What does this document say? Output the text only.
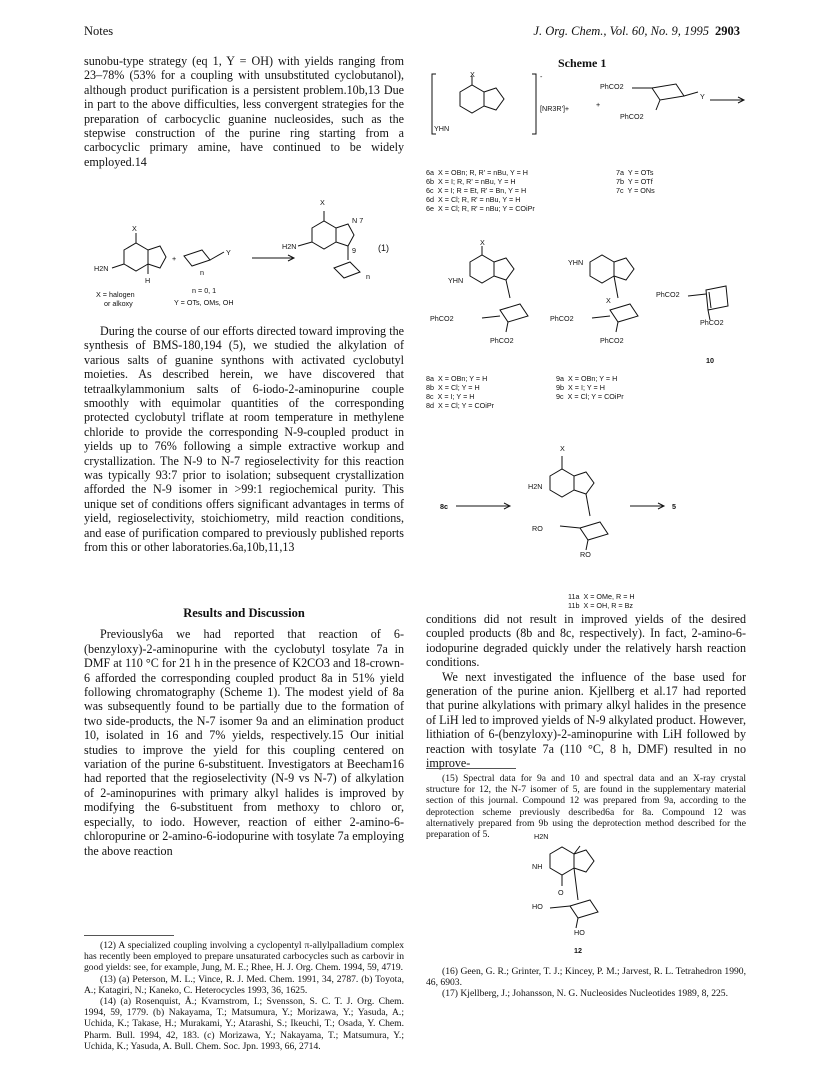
Notes	J. Org. Chem., Vol. 60, No. 9, 1995 2903

sunobu-type strategy (eq 1, Y = OH) with yields ranging from 23–78% (53% for a coupling with unsubstituted cyclobutanol), although product purification is a persistent problem.10b,13 Due in part to the above difficulties, less convergent strategies for the preparation of carbocyclic guanine nucleosides, such as the stepwise construction of the purine ring starting from a carbocyclic primary amine, have continued to be widely employed.14

X
N 7
H2N	9
n
X
H2N
H
+
Y
n
(1)
n = 0, 1
X = halogen
or alkoxy	Y = OTs, OMs, OH

During the course of our efforts directed toward improving the synthesis of BMS-180,194 (5), we studied the alkylation of various salts of guanine synthons with activated cyclobutyl moieties. As described herein, we have discovered that tetraalkylammonium salts of 6-iodo-2-aminopurine couple smoothly with equimolar quantities of the corresponding protected cyclobutyl triflate at room temperature in methylene chloride to provide the corresponding N-9-coupled product in yields up to 76% following a simple extractive workup and crystallization. The N-9 to N-7 regioselectivity for this reaction was typically 93:7 prior to isolation; subsequent crystallization afforded the N-9 isomer in >99:1 regiochemical purity. This unique set of conditions offers significant advantages in terms of yield, regioselectivity, stoichiometry, mild reaction conditions, and ease of purification compared to previously published reports from this or other laboratories.6a,10b,11,13

Results and Discussion

Previously6a we had reported that reaction of 6-(benzyloxy)-2-aminopurine with the cyclobutyl tosylate 7a in DMF at 110 °C for 21 h in the presence of K2CO3 and 18-crown-6 afforded the corresponding coupled product 8a in 51% yield following chromatography (Scheme 1). The modest yield of 8a was subsequently found to be partially due to the formation of two side-products, the N-7 isomer 9a and an elimination product 10, isolated in 16 and 7% yields, respectively.15 Our initial studies to improve the yield for this coupling centered on variation of the purine 6-substituent. Investigators at Beecham16 had reported that the regioselectivity (N-9 vs N-7) of alkylation of 2-aminopurines with primary alkyl halides is improved by modifying the 6-substituent from methoxy to chloro or, especially, to iodo. However, reaction of either 2-amino-6-chloropurine or 2-amino-6-iodopurine with tosylate 7a employing the above reaction

(12) A specialized coupling involving a cyclopentyl π-allylpalladium complex has recently been employed to prepare unsaturated carbocycles such as carbovir in good yields: see, for example, Jung, M. E.; Rhee, H. J. Org. Chem. 1994, 59, 4719.

(13) (a) Peterson, M. L.; Vince, R. J. Med. Chem. 1991, 34, 2787. (b) Toyota, A.; Katagiri, N.; Kaneko, C. Heterocycles 1993, 36, 1625.

(14) (a) Rosenquist, Å.; Kvarnstrom, I.; Svensson, S. C. T. J. Org. Chem. 1994, 59, 1779. (b) Nakayama, T.; Matsumura, Y.; Morizawa, Y.; Yasuda, A.; Uchida, K.; Takase, H.; Murakami, Y.; Atarashi, S.; Ikeuchi, T.; Osada, Y. Chem. Pharm. Bull. 1994, 42, 183. (c) Morizawa, Y.; Nakayama, T.; Matsumura, Y.; Uchida, K.; Yasuda, A. Bull. Chem. Soc. Jpn. 1993, 66, 2714.

Scheme 1
X	-
YHN
[NR3R']+	+
PhCO2
PhCO2
Y

6a  X = OBn; R, R' = nBu, Y = H
6b  X = I; R, R' = nBu, Y = H
6c  X = I; R = Et, R' = Bn, Y = H
6d  X = Cl; R, R' = nBu, Y = H
6e  X = Cl; R, R' = nBu; Y = COiPr

7a  Y = OTs
7b  Y = OTf
7c  Y = ONs

X
YHN
PhCO2
PhCO2
YHN
X
PhCO2
PhCO2
PhCO2
PhCO2

8a  X = OBn; Y = H
8b  X = Cl; Y = H
8c  X = I; Y = H
8d  X = Cl; Y = COiPr

9a  X = OBn; Y = H
9b  X = I; Y = H
9c  X = Cl; Y = COiPr

10
X
H2N
RO
RO
8c	5

11a  X = OMe, R = H
11b  X = OH, R = Bz

conditions did not result in improved yields of the desired coupled products (8b and 8c, respectively). In fact, 2-amino-6-iodopurine degraded quickly under the relatively harsh reaction conditions.

We next investigated the influence of the base used for generation of the purine anion. Kjellberg et al.17 had reported that purine alkylations with primary alkyl halides in the presence of LiH led to improved yields of N-9 alkylated product. However, lithiation of 6-(benzyloxy)-2-aminopurine with LiH followed by reaction with tosylate 7a (110 °C, 8 h, DMF) resulted in no improve-

(15) Spectral data for 9a and 10 and spectral data and an X-ray crystal structure for 12, the N-7 isomer of 5, are found in the supplementary material section of this journal. Compound 12 was prepared from 9a, according to the deprotection scheme previously described6a for 8a. Compound 12 was alternatively prepared from 9b using the deprotection method described for the preparation of 5.	H2N
NH
O
HO
HO
12

(16) Geen, G. R.; Grinter, T. J.; Kincey, P. M.; Jarvest, R. L. Tetrahedron 1990, 46, 6903.

(17) Kjellberg, J.; Johansson, N. G. Nucleosides Nucleotides 1989, 8, 225.
